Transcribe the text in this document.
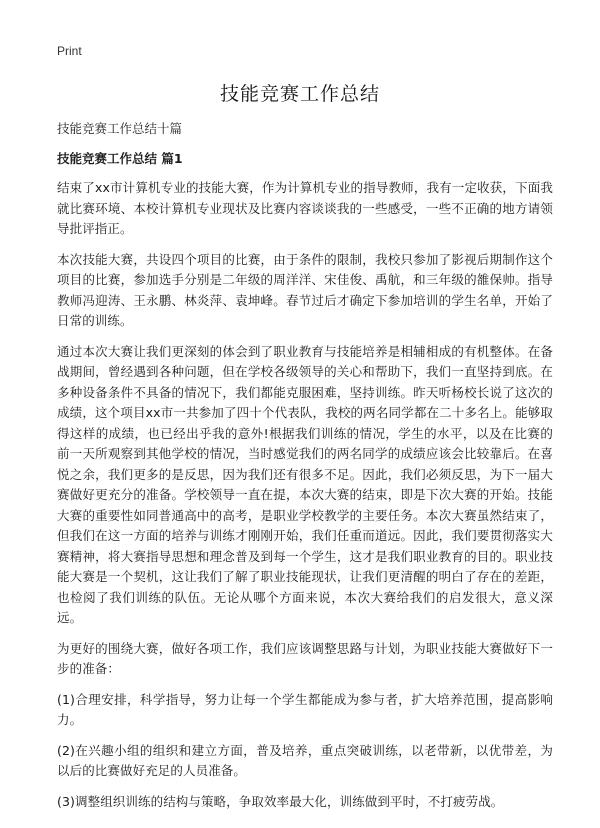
Print
技能竞赛工作总结

技能竞赛工作总结十篇

技能竞赛工作总结 篇1

结束了xx市计算机专业的技能大赛，作为计算机专业的指导教师，我有一定收获，下面我就比赛环境、本校计算机专业现状及比赛内容谈谈我的一些感受，一些不正确的地方请领导批评指正。

本次技能大赛，共设四个项目的比赛，由于条件的限制，我校只参加了影视后期制作这个项目的比赛，参加选手分别是二年级的周洋洋、宋佳俊、禹航，和三年级的雒保帅。指导教师冯迎涛、王永鹏、林炎萍、袁坤峰。春节过后才确定下参加培训的学生名单，开始了日常的训练。

通过本次大赛让我们更深刻的体会到了职业教育与技能培养是相辅相成的有机整体。在备战期间，曾经遇到各种问题，但在学校各级领导的关心和帮助下，我们一直坚持到底。在多种设备条件不具备的情况下，我们都能克服困难，坚持训练。昨天听杨校长说了这次的成绩，这个项目xx市一共参加了四十个代表队，我校的两名同学都在二十多名上。能够取得这样的成绩，也已经出乎我的意外!根据我们训练的情况，学生的水平，以及在比赛的前一天所观察到其他学校的情况，当时感觉我们的两名同学的成绩应该会比较靠后。在喜悦之余，我们更多的是反思，因为我们还有很多不足。因此，我们必须反思，为下一届大赛做好更充分的准备。学校领导一直在提，本次大赛的结束，即是下次大赛的开始。技能大赛的重要性如同普通高中的高考，是职业学校教学的主要任务。本次大赛虽然结束了，但我们在这一方面的培养与训练才刚刚开始，我们任重而道远。因此，我们要贯彻落实大赛精神，将大赛指导思想和理念普及到每一个学生，这才是我们职业教育的目的。职业技能大赛是一个契机，这让我们了解了职业技能现状，让我们更清醒的明白了存在的差距，也检阅了我们训练的队伍。无论从哪个方面来说，本次大赛给我们的启发很大，意义深远。

为更好的围绕大赛，做好各项工作，我们应该调整思路与计划，为职业技能大赛做好下一步的准备：

(1)合理安排，科学指导，努力让每一个学生都能成为参与者，扩大培养范围，提高影响力。

(2)在兴趣小组的组织和建立方面，普及培养，重点突破训练，以老带新，以优带差，为以后的比赛做好充足的人员准备。

(3)调整组织训练的结构与策略，争取效率最大化，训练做到平时，不打疲劳战。
